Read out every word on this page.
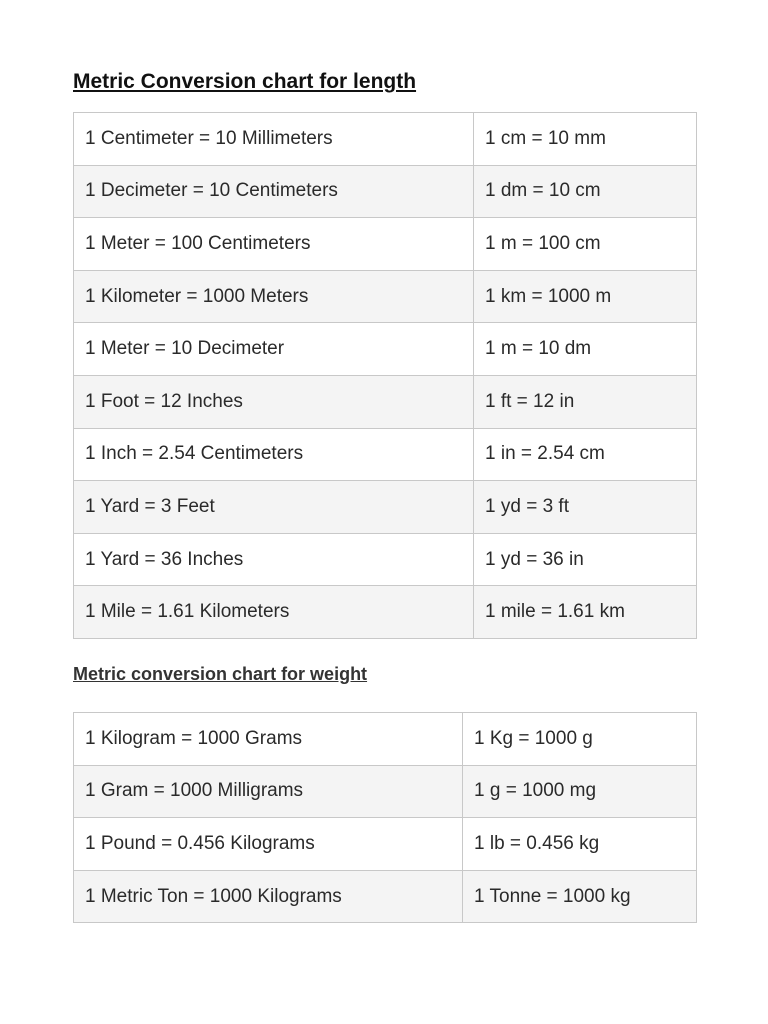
Metric Conversion chart for length
1 Centimeter = 10 Millimeters	1 cm = 10 mm
1 Decimeter = 10 Centimeters	1 dm = 10 cm
1 Meter = 100 Centimeters	1 m = 100 cm
1 Kilometer = 1000 Meters	1 km = 1000 m
1 Meter = 10 Decimeter	1 m = 10 dm
1 Foot = 12 Inches	1 ft = 12 in
1 Inch = 2.54 Centimeters	1 in = 2.54 cm
1 Yard = 3 Feet	1 yd = 3 ft
1 Yard = 36 Inches	1 yd = 36 in
1 Mile = 1.61 Kilometers	1 mile = 1.61 km
Metric conversion chart for weight
1 Kilogram = 1000 Grams	1 Kg = 1000 g
1 Gram = 1000 Milligrams	1 g = 1000 mg
1 Pound = 0.456 Kilograms	1 lb = 0.456 kg
1 Metric Ton = 1000 Kilograms	1 Tonne = 1000 kg
